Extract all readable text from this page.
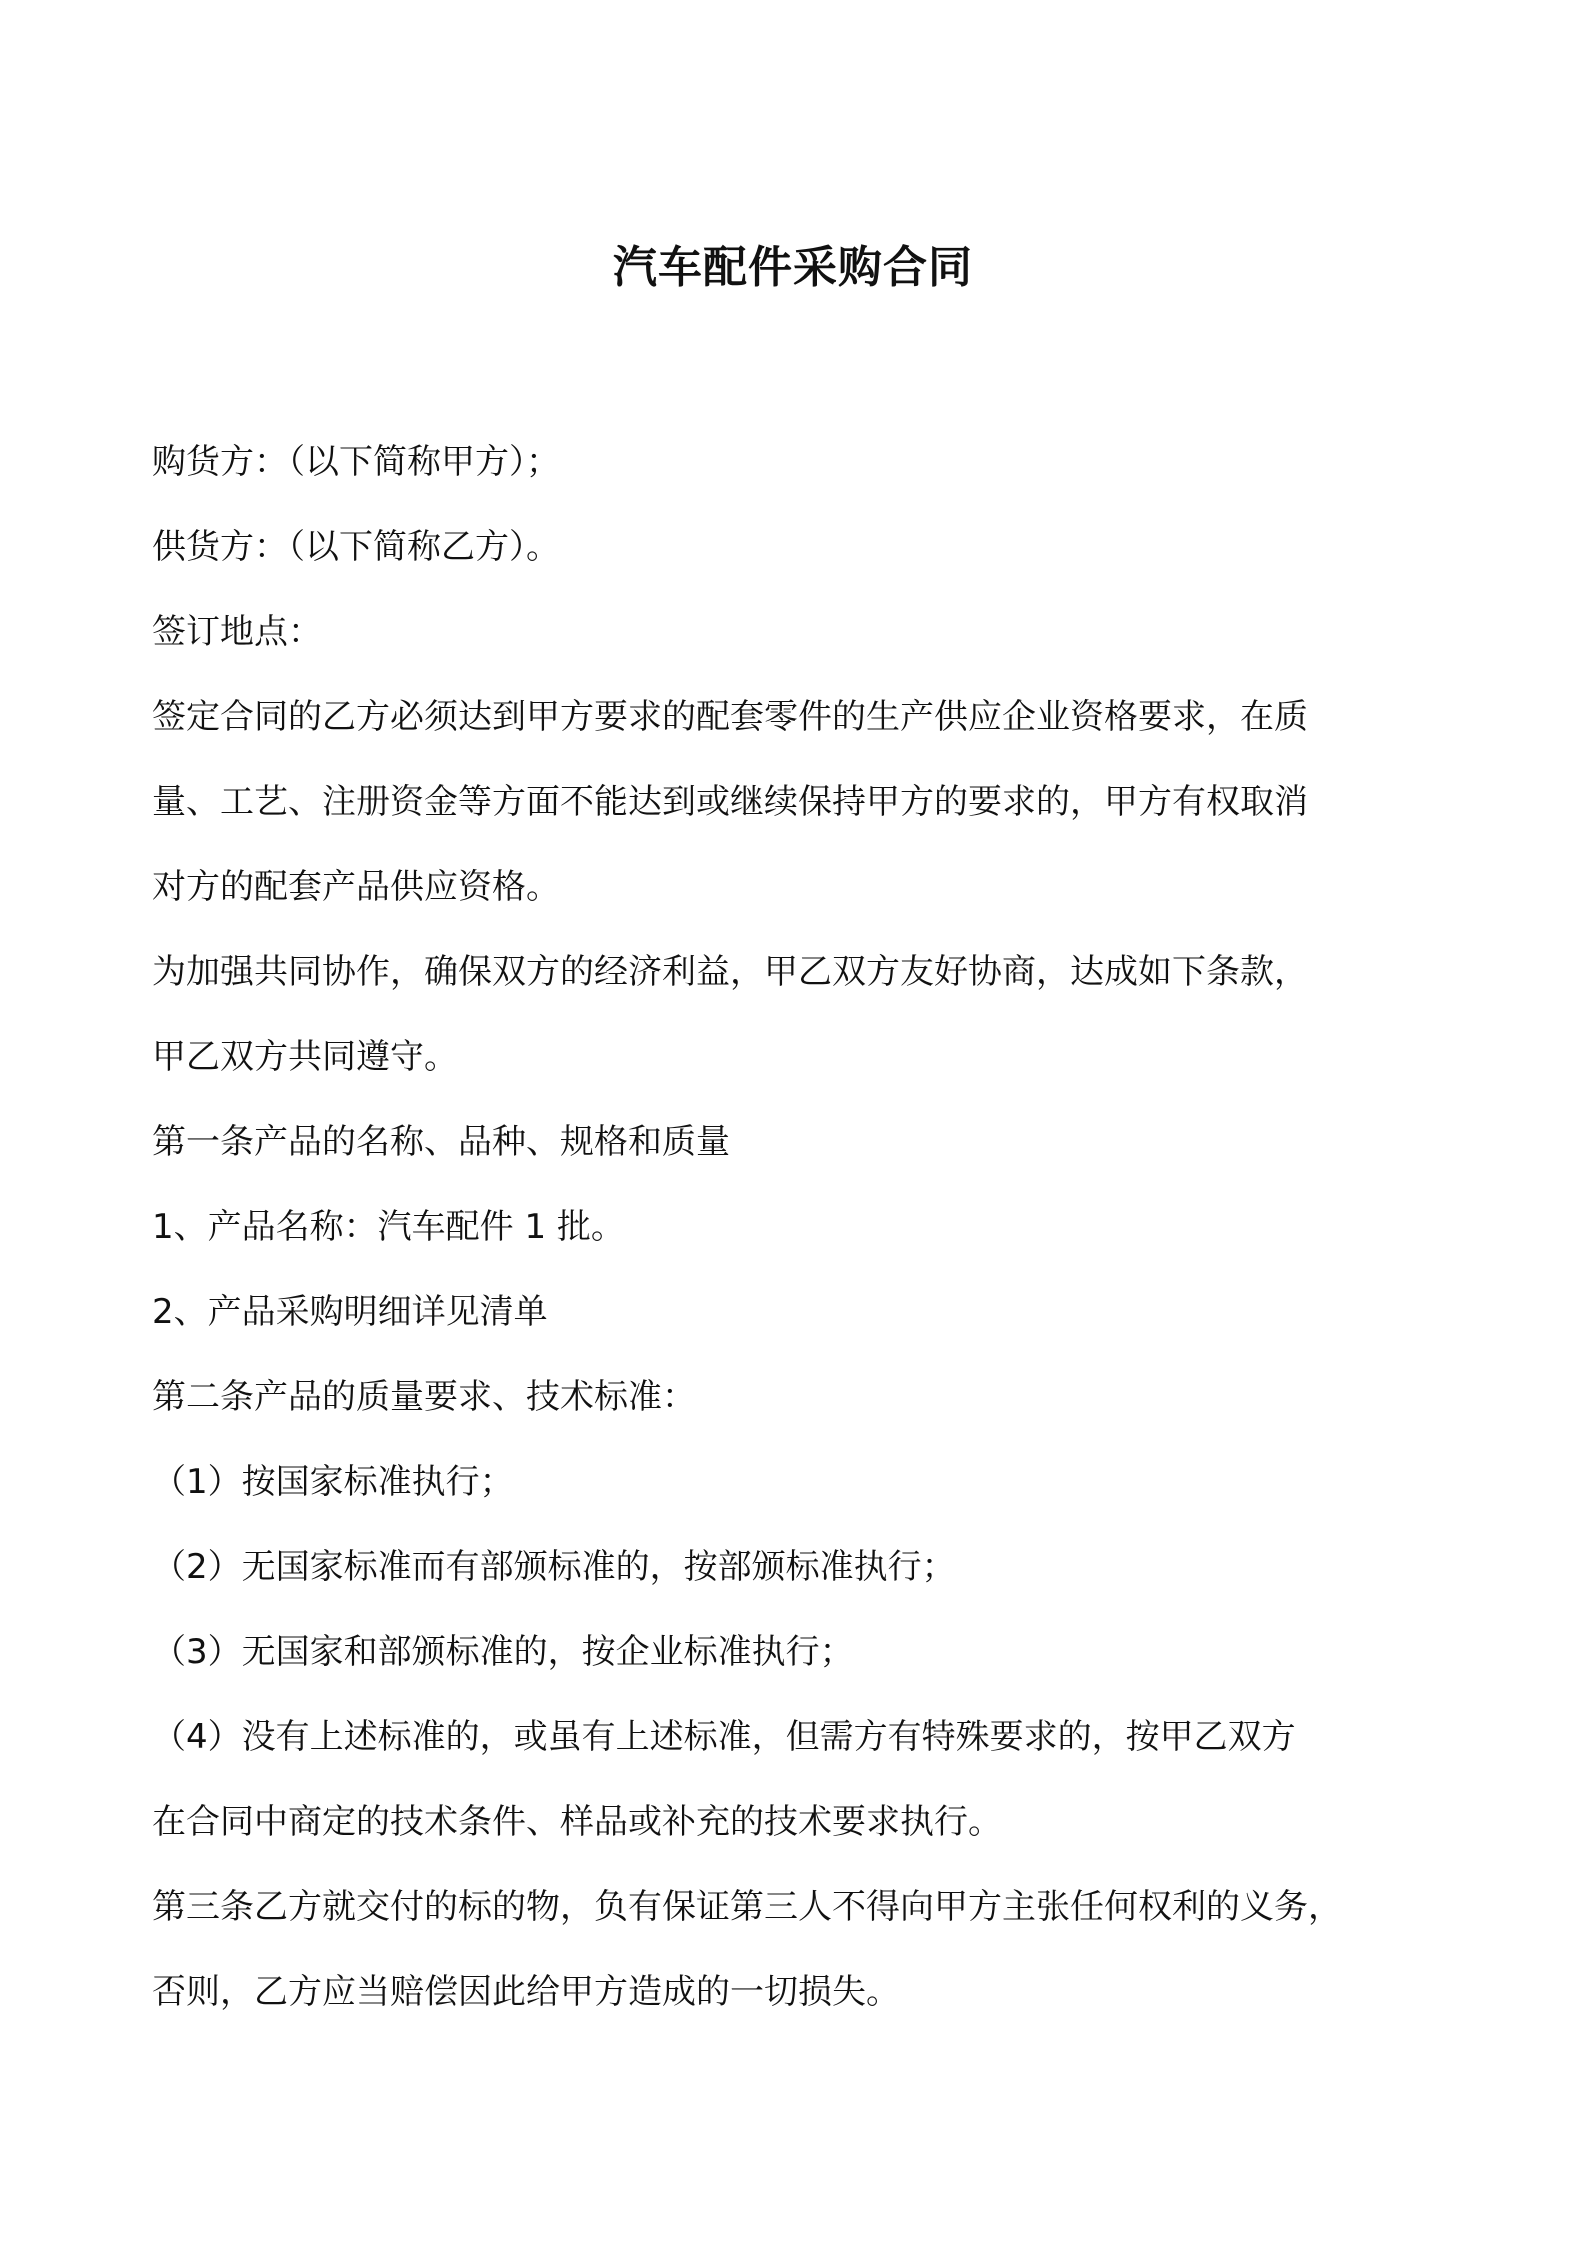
汽车配件采购合同
购货方：（以下简称甲方）；
供货方：（以下简称乙方）。
签订地点：
签定合同的乙方必须达到甲方要求的配套零件的生产供应企业资格要求，在质
量、工艺、注册资金等方面不能达到或继续保持甲方的要求的，甲方有权取消
对方的配套产品供应资格。
为加强共同协作，确保双方的经济利益，甲乙双方友好协商，达成如下条款，
甲乙双方共同遵守。
第一条产品的名称、品种、规格和质量
1、产品名称：汽车配件 1 批。
2、产品采购明细详见清单
第二条产品的质量要求、技术标准：
（1）按国家标准执行；
（2）无国家标准而有部颁标准的，按部颁标准执行；
（3）无国家和部颁标准的，按企业标准执行；
（4）没有上述标准的，或虽有上述标准，但需方有特殊要求的，按甲乙双方
在合同中商定的技术条件、样品或补充的技术要求执行。
第三条乙方就交付的标的物，负有保证第三人不得向甲方主张任何权利的义务，
否则，乙方应当赔偿因此给甲方造成的一切损失。
